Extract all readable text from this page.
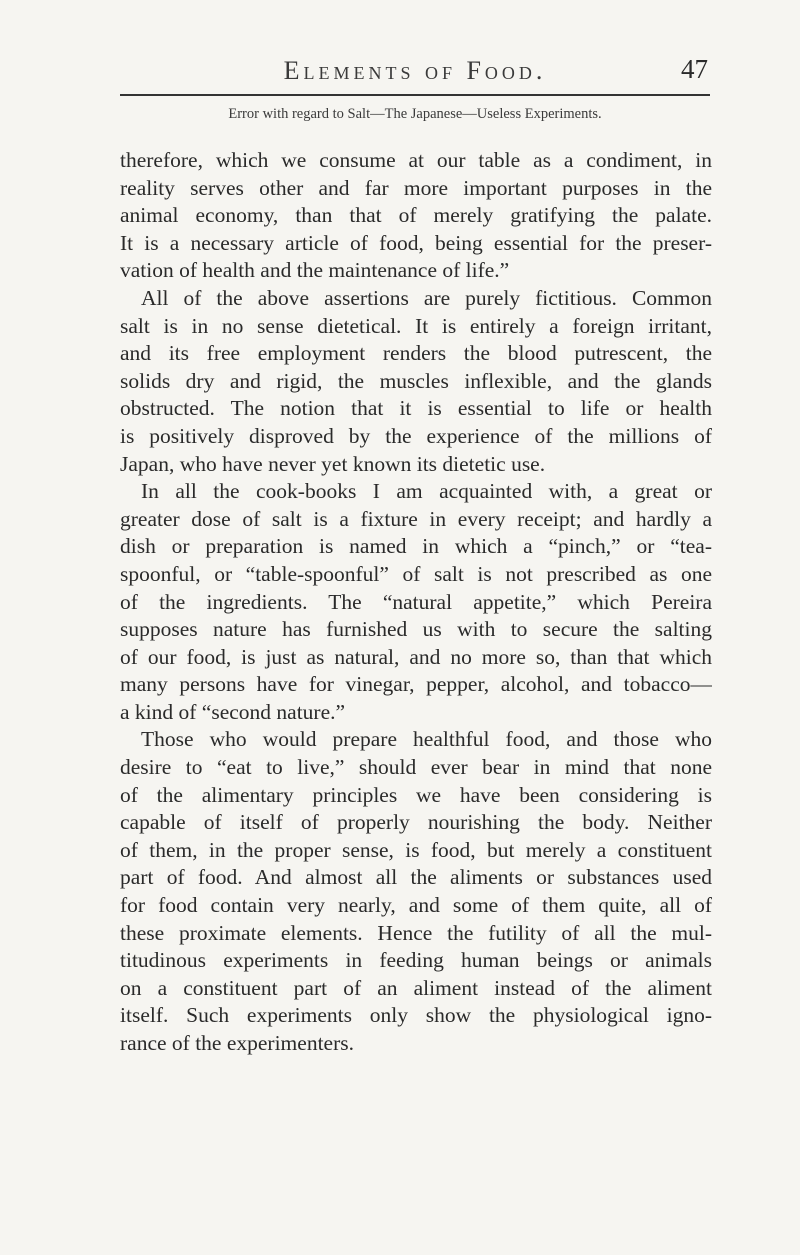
Elements of Food.	47
Error with regard to Salt—The Japanese—Useless Experiments.
therefore, which we consume at our table as a condiment, in
reality serves other and far more important purposes in the
animal economy, than that of merely gratifying the palate.
It is a necessary article of food, being essential for the preser-
vation of health and the maintenance of life.”
All of the above assertions are purely fictitious. Common
salt is in no sense dietetical. It is entirely a foreign irritant,
and its free employment renders the blood putrescent, the
solids dry and rigid, the muscles inflexible, and the glands
obstructed. The notion that it is essential to life or health
is positively disproved by the experience of the millions of
Japan, who have never yet known its dietetic use.
In all the cook-books I am acquainted with, a great or
greater dose of salt is a fixture in every receipt; and hardly a
dish or preparation is named in which a “pinch,” or “tea-
spoonful, or “table-spoonful” of salt is not prescribed as one
of the ingredients. The “natural appetite,” which Pereira
supposes nature has furnished us with to secure the salting
of our food, is just as natural, and no more so, than that which
many persons have for vinegar, pepper, alcohol, and tobacco—
a kind of “second nature.”
Those who would prepare healthful food, and those who
desire to “eat to live,” should ever bear in mind that none
of the alimentary principles we have been considering is
capable of itself of properly nourishing the body. Neither
of them, in the proper sense, is food, but merely a constituent
part of food. And almost all the aliments or substances used
for food contain very nearly, and some of them quite, all of
these proximate elements. Hence the futility of all the mul-
titudinous experiments in feeding human beings or animals
on a constituent part of an aliment instead of the aliment
itself. Such experiments only show the physiological igno-
rance of the experimenters.
